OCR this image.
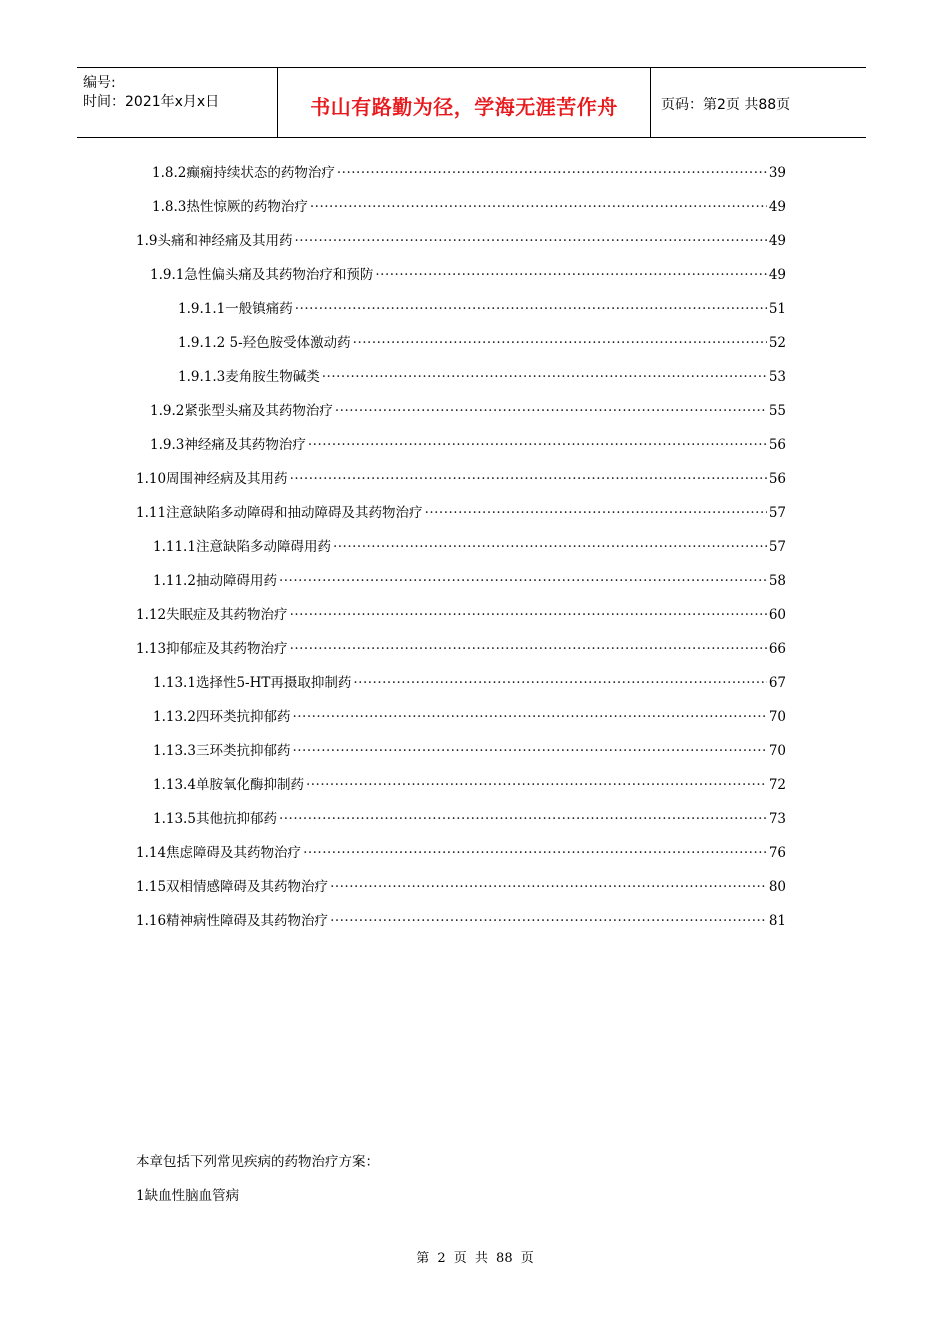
编号:
时间：2021年x月x日	书山有路勤为径，学海无涯苦作舟	页码：第2页 共88页
1.8.2癫痫持续状态的药物治疗 ·····	39
1.8.3热性惊厥的药物治疗 ·····	49
1.9头痛和神经痛及其用药 ·····	49
1.9.1急性偏头痛及其药物治疗和预防 ·····	49
1.9.1.1一般镇痛药 ·····	51
1.9.1.2 5-羟色胺受体激动药 ·····	52
1.9.1.3麦角胺生物碱类 ·····	53
1.9.2紧张型头痛及其药物治疗 ·····	55
1.9.3神经痛及其药物治疗 ·····	56
1.10周围神经病及其用药 ·····	56
1.11注意缺陷多动障碍和抽动障碍及其药物治疗 ·····	57
1.11.1注意缺陷多动障碍用药 ·····	57
1.11.2抽动障碍用药 ·····	58
1.12失眠症及其药物治疗 ·····	60
1.13抑郁症及其药物治疗 ·····	66
1.13.1选择性5-HT再摄取抑制药 ·····	67
1.13.2四环类抗抑郁药 ·····	70
1.13.3三环类抗抑郁药 ·····	70
1.13.4单胺氧化酶抑制药 ·····	72
1.13.5其他抗抑郁药 ·····	73
1.14焦虑障碍及其药物治疗 ·····	76
1.15双相情感障碍及其药物治疗 ·····	80
1.16精神病性障碍及其药物治疗 ·····	81
本章包括下列常见疾病的药物治疗方案：
1缺血性脑血管病
第 2 页 共 88 页
